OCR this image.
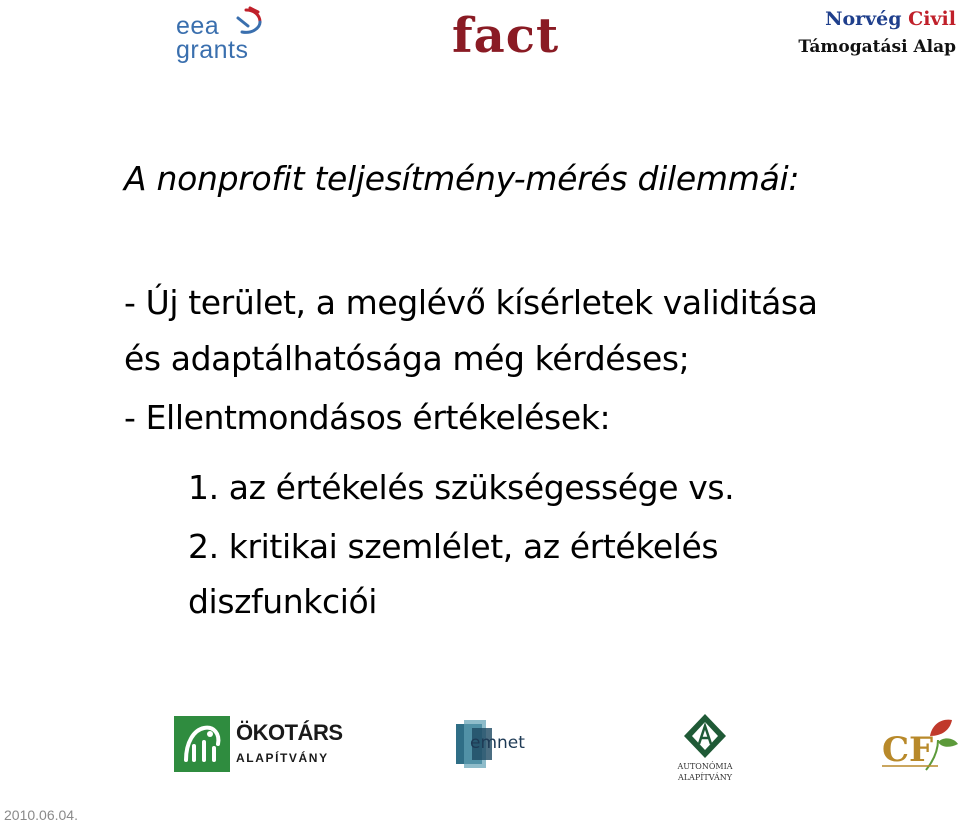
eea
grants	fact	Norvég Civil
Támogatási Alap
A nonprofit teljesítmény-mérés dilemmái:
- Új terület, a meglévő kísérletek validitása
és adaptálhatósága még kérdéses;
- Ellentmondásos értékelések:
1. az értékelés szükségessége vs.
2. kritikai szemlélet, az értékelés
diszfunkciói
ÖKOTÁRS
ALAPÍTVÁNY
emnet
AUTONÓMIA
ALAPÍTVÁNY
CF
2010.06.04.
